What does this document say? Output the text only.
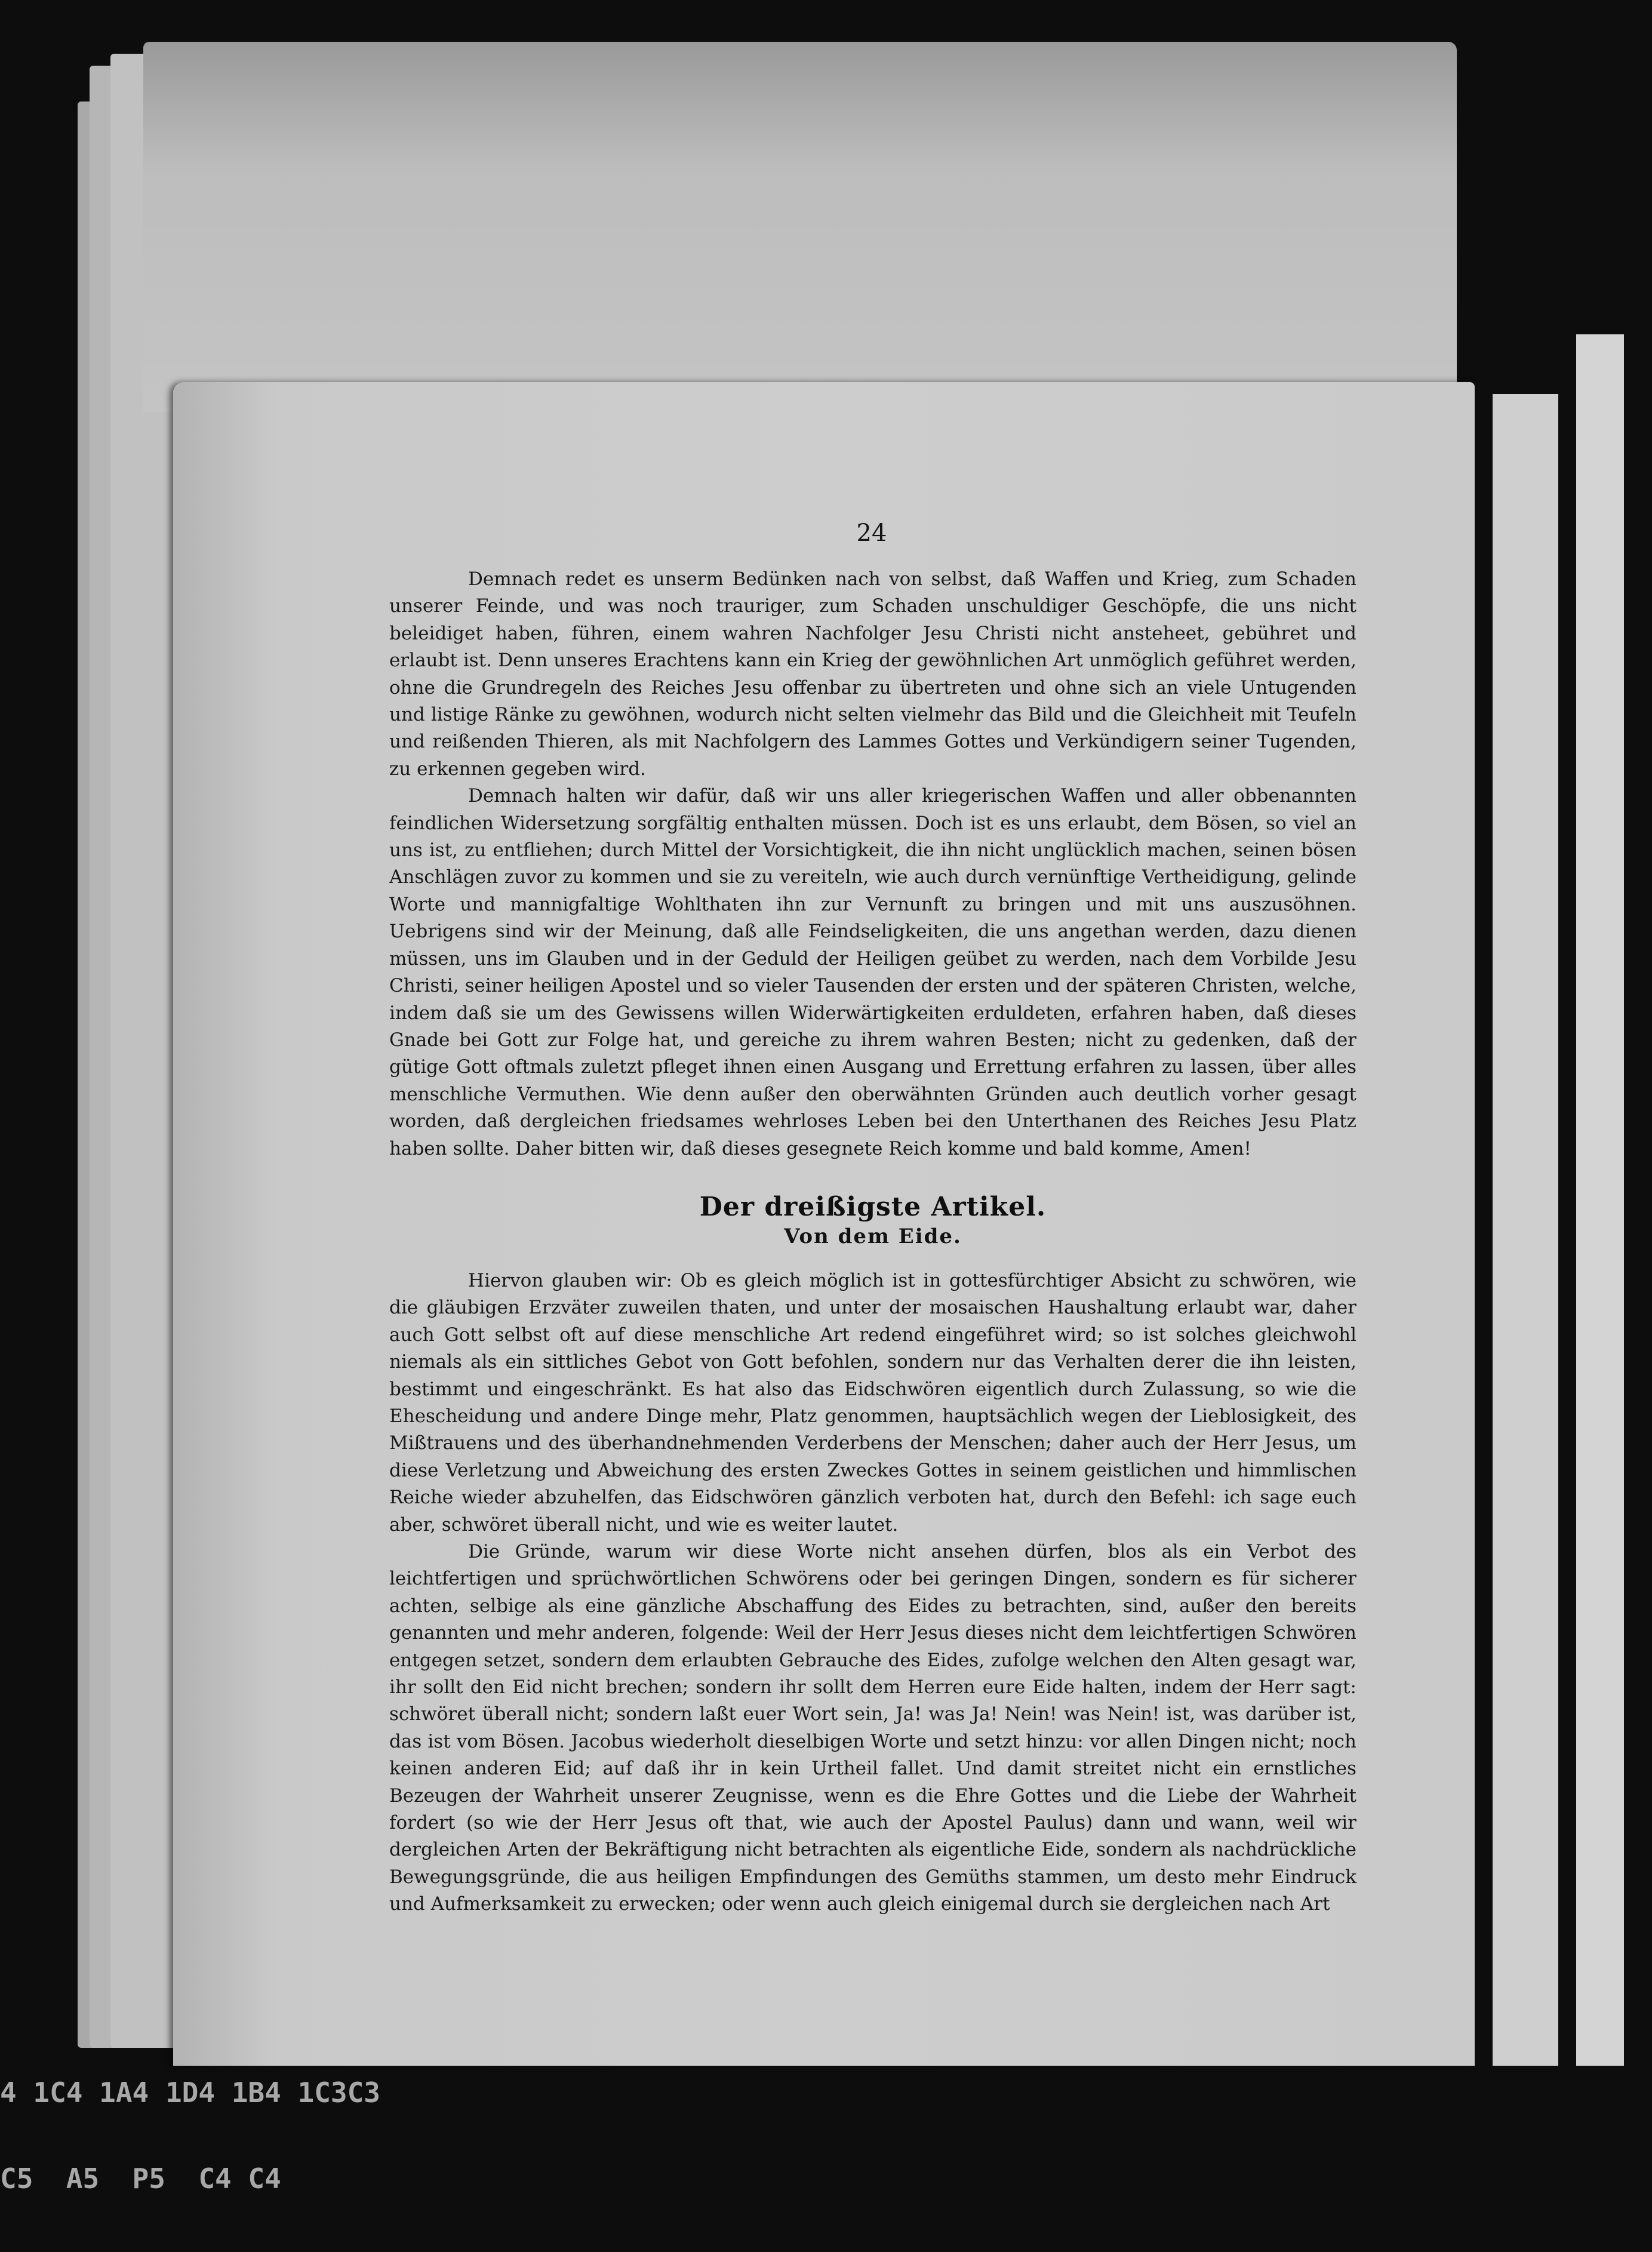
24

Demnach redet es unserm Bedünken nach von selbst, daß Waffen und Krieg, zum Schaden unserer Feinde, und was noch trauriger, zum Schaden unschuldiger Geschöpfe, die uns nicht beleidiget haben, führen, einem wahren Nachfolger Jesu Christi nicht ansteheet, gebühret und erlaubt ist. Denn unseres Erachtens kann ein Krieg der gewöhnlichen Art unmöglich geführet werden, ohne die Grundregeln des Reiches Jesu offenbar zu übertreten und ohne sich an viele Untugenden und listige Ränke zu gewöhnen, wodurch nicht selten vielmehr das Bild und die Gleichheit mit Teufeln und reißenden Thieren, als mit Nachfolgern des Lammes Gottes und Verkündigern seiner Tugenden, zu erkennen gegeben wird.

Demnach halten wir dafür, daß wir uns aller kriegerischen Waffen und aller obbenannten feindlichen Widersetzung sorgfältig enthalten müssen. Doch ist es uns erlaubt, dem Bösen, so viel an uns ist, zu entfliehen; durch Mittel der Vorsichtigkeit, die ihn nicht unglücklich machen, seinen bösen Anschlägen zuvor zu kommen und sie zu vereiteln, wie auch durch vernünftige Vertheidigung, gelinde Worte und mannigfaltige Wohlthaten ihn zur Vernunft zu bringen und mit uns auszusöhnen. Uebrigens sind wir der Meinung, daß alle Feindseligkeiten, die uns angethan werden, dazu dienen müssen, uns im Glauben und in der Geduld der Heiligen geübet zu werden, nach dem Vorbilde Jesu Christi, seiner heiligen Apostel und so vieler Tausenden der ersten und der späteren Christen, welche, indem daß sie um des Gewissens willen Widerwärtigkeiten erduldeten, erfahren haben, daß dieses Gnade bei Gott zur Folge hat, und gereiche zu ihrem wahren Besten; nicht zu gedenken, daß der gütige Gott oftmals zuletzt pfleget ihnen einen Ausgang und Errettung erfahren zu lassen, über alles menschliche Vermuthen. Wie denn außer den oberwähnten Gründen auch deutlich vorher gesagt worden, daß dergleichen friedsames wehrloses Leben bei den Unterthanen des Reiches Jesu Platz haben sollte. Daher bitten wir, daß dieses gesegnete Reich komme und bald komme, Amen!

Der dreißigste Artikel.
Von dem Eide.

Hiervon glauben wir: Ob es gleich möglich ist in gottesfürchtiger Absicht zu schwören, wie die gläubigen Erzväter zuweilen thaten, und unter der mosaischen Haushaltung erlaubt war, daher auch Gott selbst oft auf diese menschliche Art redend eingeführet wird; so ist solches gleichwohl niemals als ein sittliches Gebot von Gott befohlen, sondern nur das Verhalten derer die ihn leisten, bestimmt und eingeschränkt. Es hat also das Eidschwören eigentlich durch Zulassung, so wie die Ehescheidung und andere Dinge mehr, Platz genommen, hauptsächlich wegen der Lieblosigkeit, des Mißtrauens und des überhandnehmenden Verderbens der Menschen; daher auch der Herr Jesus, um diese Verletzung und Abweichung des ersten Zweckes Gottes in seinem geistlichen und himmlischen Reiche wieder abzuhelfen, das Eidschwören gänzlich verboten hat, durch den Befehl: ich sage euch aber, schwöret überall nicht, und wie es weiter lautet.

Die Gründe, warum wir diese Worte nicht ansehen dürfen, blos als ein Verbot des leichtfertigen und sprüchwörtlichen Schwörens oder bei geringen Dingen, sondern es für sicherer achten, selbige als eine gänzliche Abschaffung des Eides zu betrachten, sind, außer den bereits genannten und mehr anderen, folgende: Weil der Herr Jesus dieses nicht dem leichtfertigen Schwören entgegen setzet, sondern dem erlaubten Gebrauche des Eides, zufolge welchen den Alten gesagt war, ihr sollt den Eid nicht brechen; sondern ihr sollt dem Herren eure Eide halten, indem der Herr sagt: schwöret überall nicht; sondern laßt euer Wort sein, Ja! was Ja! Nein! was Nein! ist, was darüber ist, das ist vom Bösen. Jacobus wiederholt dieselbigen Worte und setzt hinzu: vor allen Dingen nicht; noch keinen anderen Eid; auf daß ihr in kein Urtheil fallet. Und damit streitet nicht ein ernstliches Bezeugen der Wahrheit unserer Zeugnisse, wenn es die Ehre Gottes und die Liebe der Wahrheit fordert (so wie der Herr Jesus oft that, wie auch der Apostel Paulus) dann und wann, weil wir dergleichen Arten der Bekräftigung nicht betrachten als eigentliche Eide, sondern als nachdrückliche Bewegungsgründe, die aus heiligen Empfindungen des Gemüths stammen, um desto mehr Eindruck und Aufmerksamkeit zu erwecken; oder wenn auch gleich einigemal durch sie dergleichen nach Art

4 1C4 1A4 1D4 1B4 1C3C3

C5  A5  P5  C4 C4
